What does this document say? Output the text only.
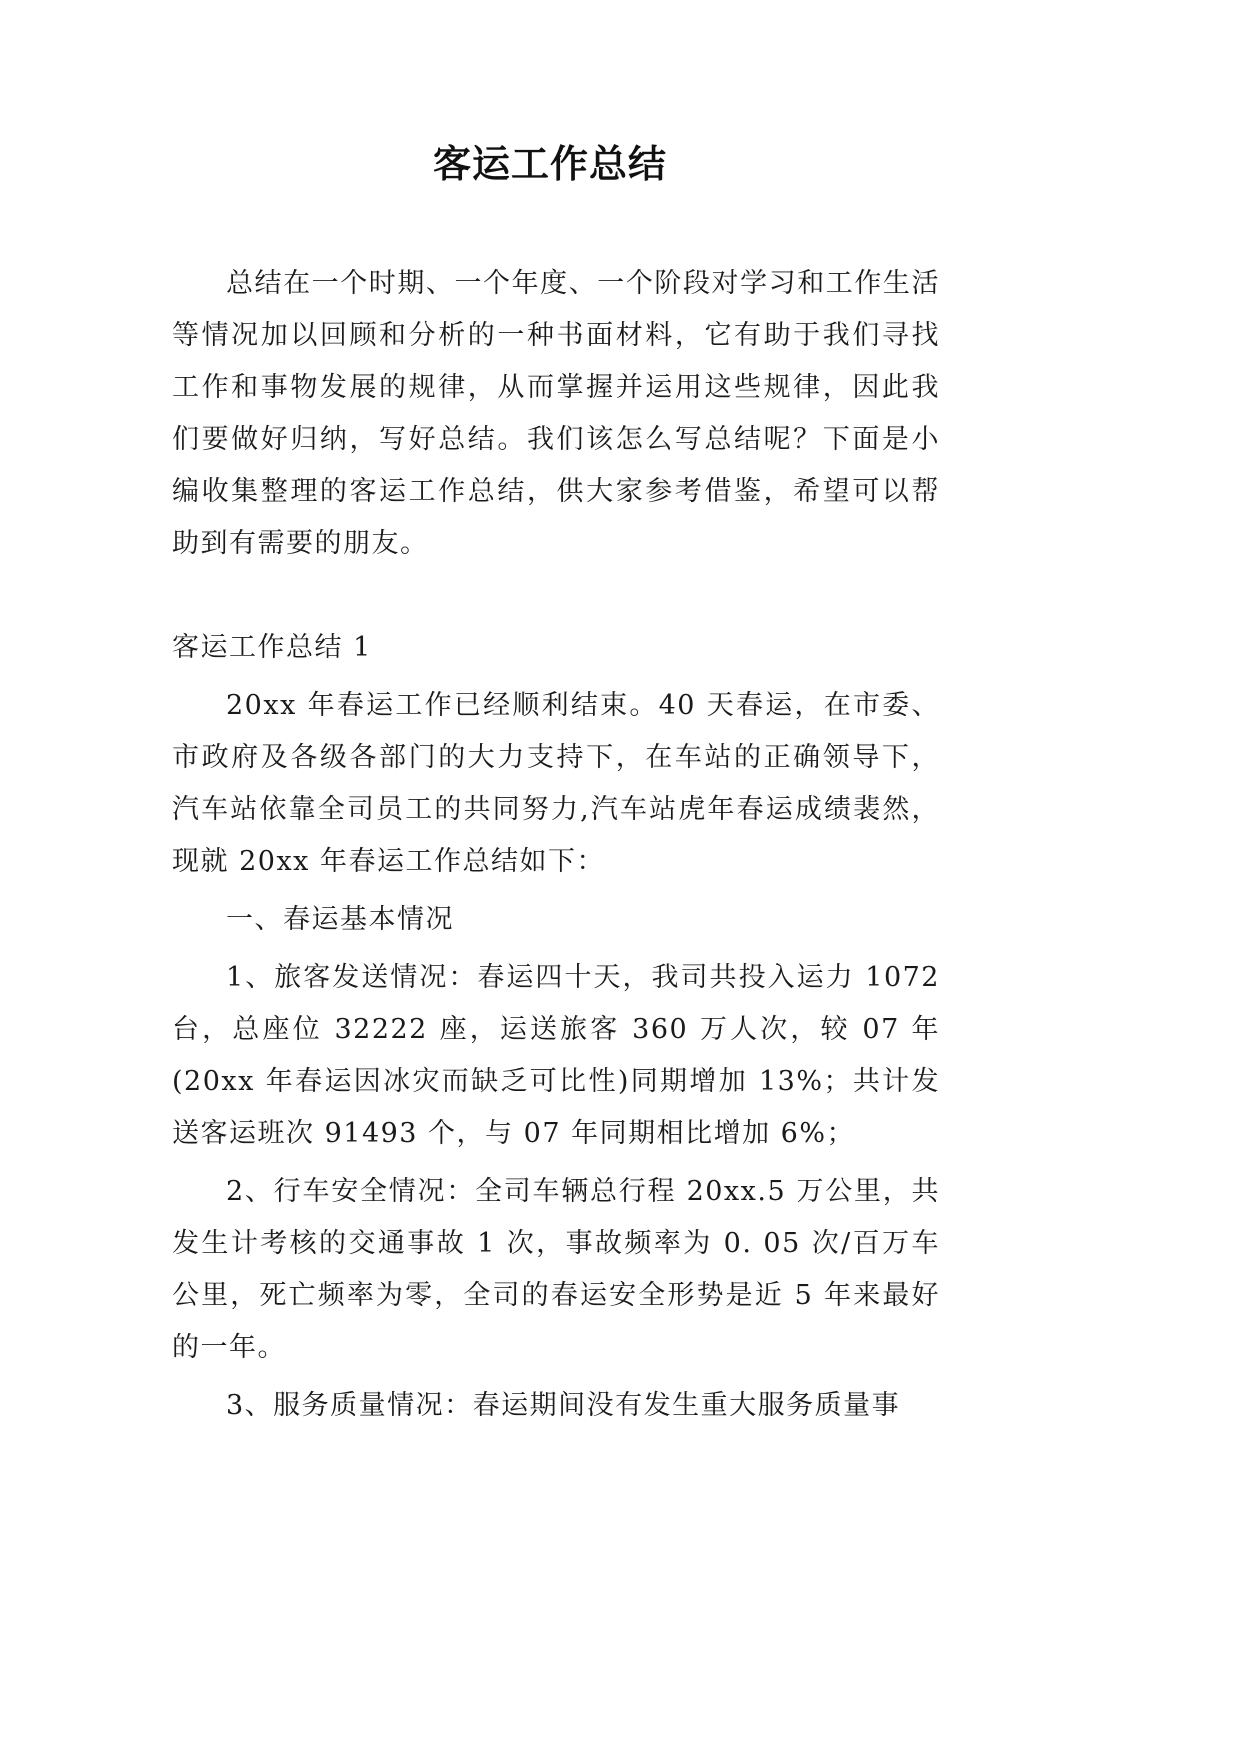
客运工作总结

总结在一个时期、一个年度、一个阶段对学习和工作生活等情况加以回顾和分析的一种书面材料，它有助于我们寻找工作和事物发展的规律，从而掌握并运用这些规律，因此我们要做好归纳，写好总结。我们该怎么写总结呢？下面是小编收集整理的客运工作总结，供大家参考借鉴，希望可以帮助到有需要的朋友。

客运工作总结 1

20xx 年春运工作已经顺利结束。40 天春运，在市委、市政府及各级各部门的大力支持下，在车站的正确领导下，汽车站依靠全司员工的共同努力,汽车站虎年春运成绩裴然，现就 20xx 年春运工作总结如下：

一、春运基本情况

1、旅客发送情况：春运四十天，我司共投入运力 1072 台，总座位 32222 座，运送旅客 360 万人次，较 07 年(20xx 年春运因冰灾而缺乏可比性)同期增加 13%；共计发送客运班次 91493 个，与 07 年同期相比增加 6%；

2、行车安全情况：全司车辆总行程 20xx.5 万公里，共发生计考核的交通事故 1 次，事故频率为 0. 05 次/百万车公里，死亡频率为零，全司的春运安全形势是近 5 年来最好的一年。

3、服务质量情况：春运期间没有发生重大服务质量事
